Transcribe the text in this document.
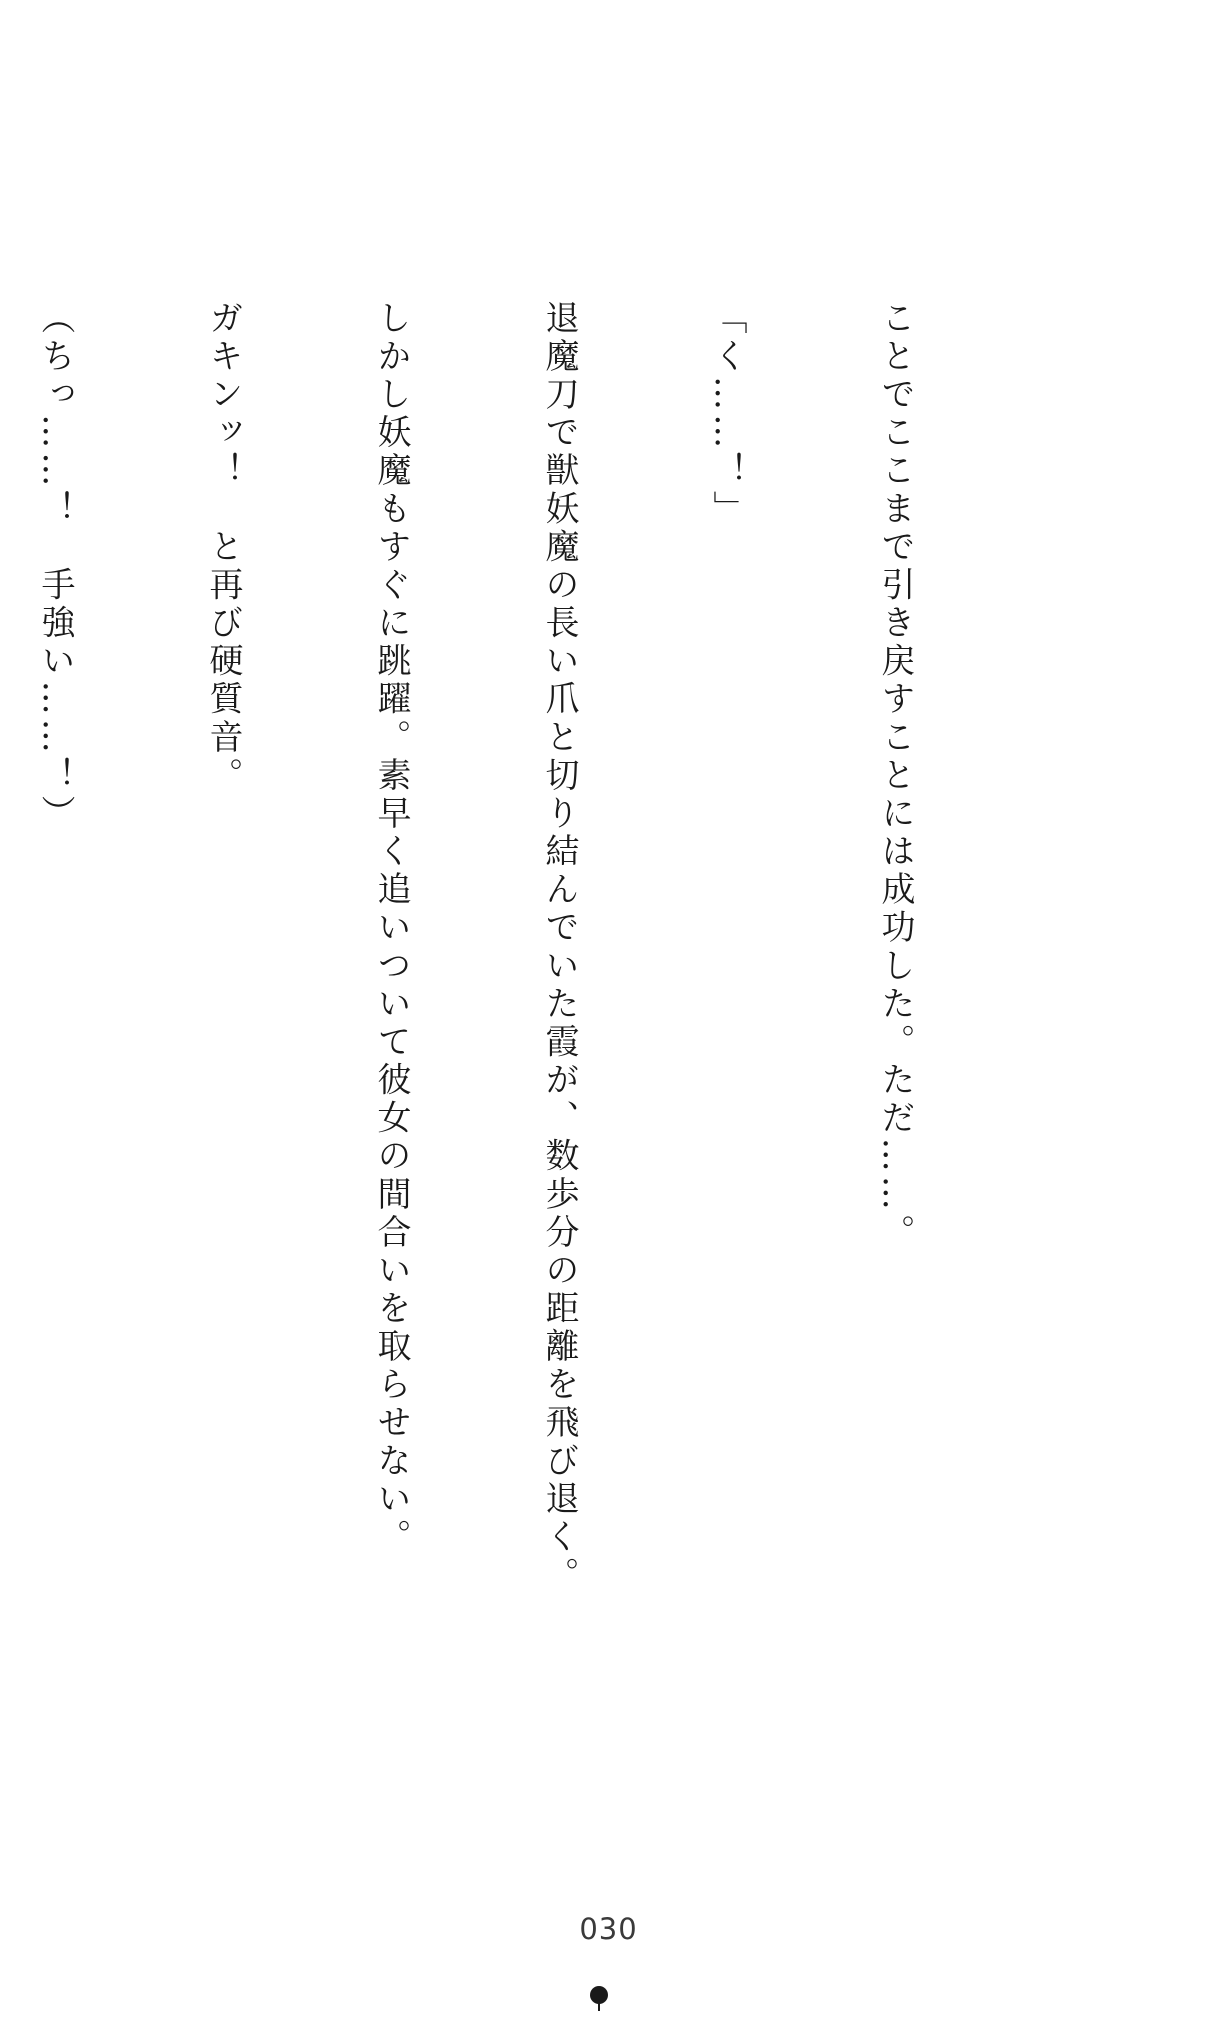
ことでここまで引き戻すことには成功した。ただ……。

「く……！」

退魔刀で獣妖魔の長い爪と切り結んでいた霞が、数歩分の距離を飛び退く。

しかし妖魔もすぐに跳躍。素早く追いついて彼女の間合いを取らせない。

ガキンッ！　と再び硬質音。

（ちっ……！　手強い……！）

030
